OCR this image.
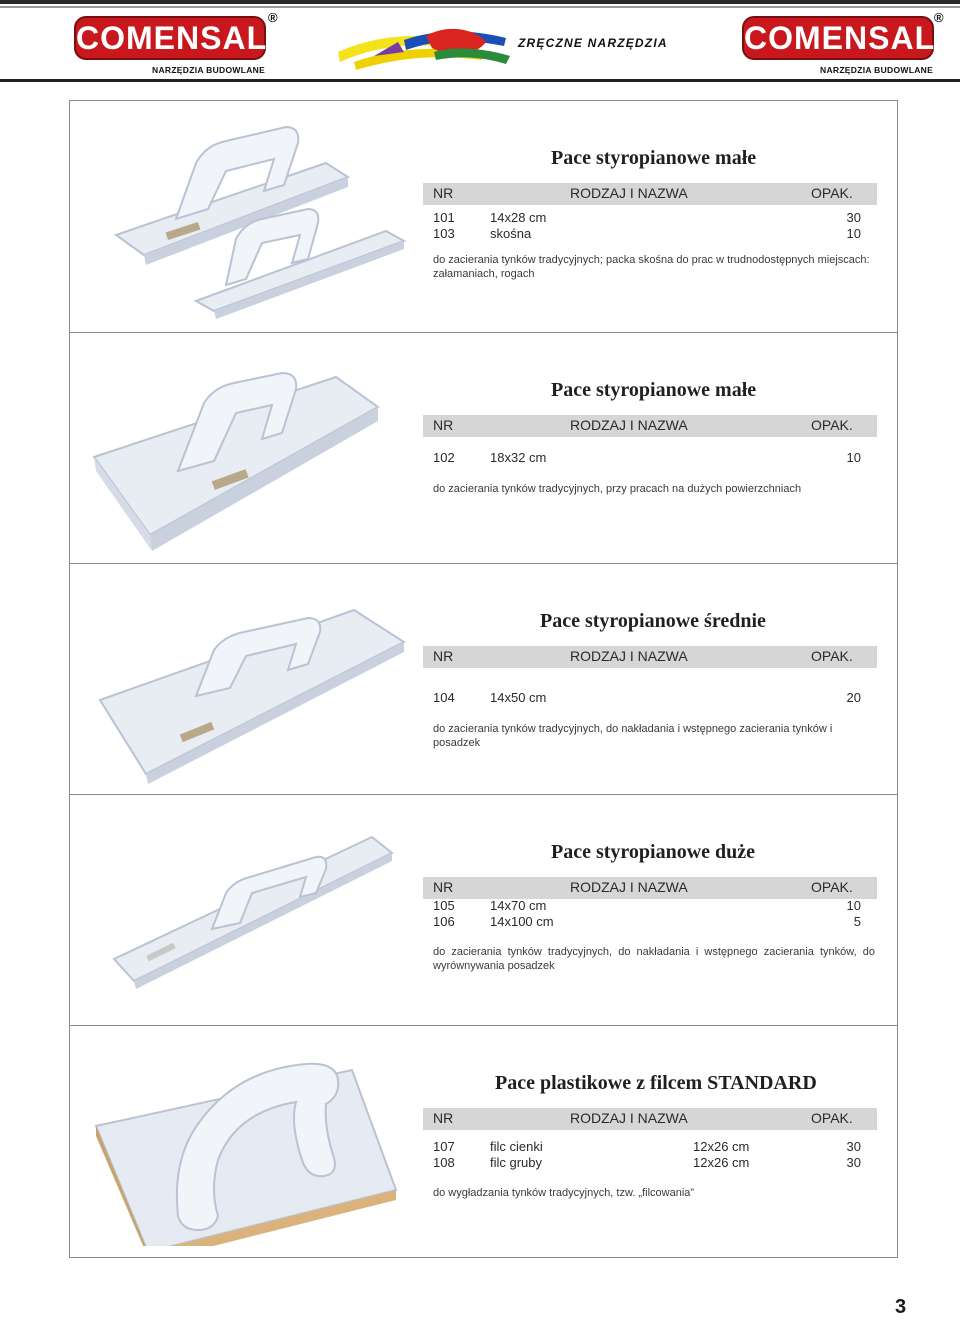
COMENSAL
®
NARZĘDZIA BUDOWLANE
ZRĘCZNE NARZĘDZIA COMENSAL
®
NARZĘDZIA BUDOWLANE
Pace styropianowe małe
NR	RODZAJ I NAZWA	OPAK.
101	14x28 cm	30
103	skośna	10
do zacierania tynków tradycyjnych; packa skośna do prac w trudnodostępnych miejscach: załamaniach, rogach
Pace styropianowe małe
NR	RODZAJ I NAZWA	OPAK.
102	18x32 cm	10
do zacierania tynków tradycyjnych, przy pracach na dużych powierzchniach
Pace styropianowe średnie
NR	RODZAJ I NAZWA	OPAK.
104	14x50 cm	20
do zacierania tynków tradycyjnych, do nakładania i wstępnego zacierania tynków i posadzek
Pace styropianowe duże
NR	RODZAJ I NAZWA	OPAK.
105	14x70 cm	10
106	14x100 cm	5
do zacierania tynków tradycyjnych, do nakładania i wstępnego zacierania tynków, do wyrównywania posadzek
Pace plastikowe z filcem STANDARD
NR	RODZAJ I NAZWA	OPAK.
107	filc cienki	12x26 cm	30
108	filc gruby	12x26 cm	30
do wygładzania tynków tradycyjnych, tzw. „filcowania”
3
